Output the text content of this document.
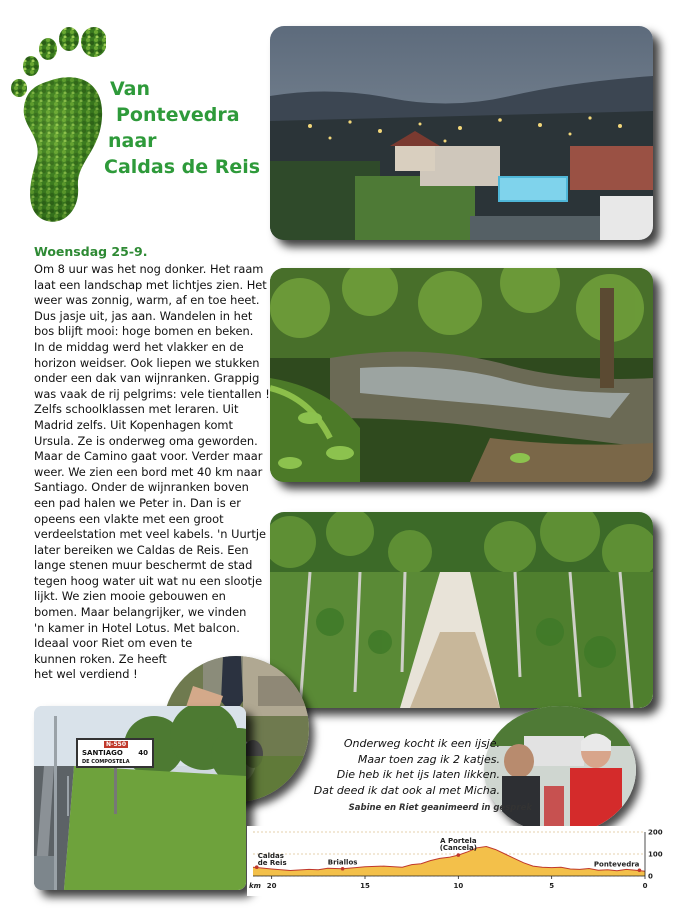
Van
Pontevedra
naar
Caldas de Reis
Woensdag 25-9.
Om 8 uur was het nog donker. Het raam
laat een landschap met lichtjes zien. Het
weer was zonnig, warm, af en toe heet.
Dus jasje uit, jas aan. Wandelen in het
bos blijft mooi: hoge bomen en beken.
In de middag werd het vlakker en de
horizon weidser. Ook liepen we stukken
onder een dak van wijnranken. Grappig
was vaak de rij pelgrims: vele tientallen !
Zelfs schoolklassen met leraren. Uit
Madrid zelfs. Uit Kopenhagen komt
Ursula. Ze is onderweg oma geworden.
Maar de Camino gaat voor. Verder maar
weer. We zien een bord met 40 km naar
Santiago. Onder de wijnranken boven
een pad halen we Peter in. Dan is er
opeens een vlakte met een groot
verdeelstation met veel kabels. 'n Uurtje
later bereiken we Caldas de Reis. Een
lange stenen muur beschermt de stad
tegen hoog water uit wat nu een slootje
lijkt. We zien mooie gebouwen en
bomen. Maar belangrijker, we vinden
'n kamer in Hotel Lotus. Met balcon.
Ideaal voor Riet om even te
kunnen roken. Ze heeft
het wel verdiend !
N-550
SANTIAGO 40
DE COMPOSTELA
Onderweg kocht ik een ijsje.
Maar toen zag ik 2 katjes.
Die heb ik het ijs laten likken.
Dat deed ik dat ook al met Micha.
Sabine en Riet geanimeerd in gesprek
20	15	10	5	0
0
100
200
km
Caldas
de Reis	Briallos
A Portela
(Cancela)
Pontevedra
